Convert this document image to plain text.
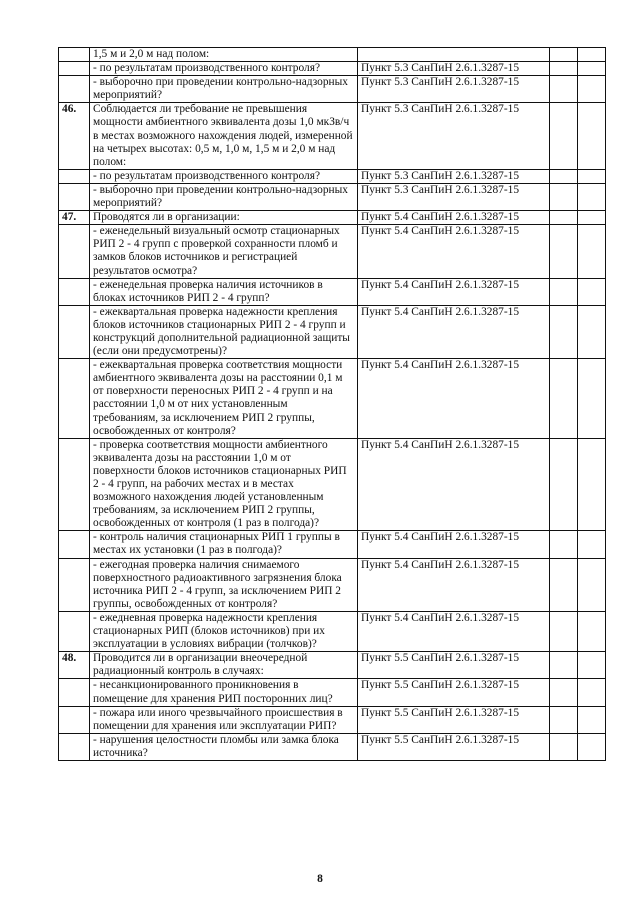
	1,5 м и 2,0 м над полом:			
	- по результатам производственного контроля?	Пункт 5.3 СанПиН 2.6.1.3287-15		
	- выборочно при проведении контрольно-надзорных мероприятий?	Пункт 5.3 СанПиН 2.6.1.3287-15		
46.	Соблюдается ли требование не превышения мощности амбиентного эквивалента дозы 1,0 мкЗв/ч в местах возможного нахождения людей, измеренной на четырех высотах: 0,5 м, 1,0 м, 1,5 м и 2,0 м над полом:	Пункт 5.3 СанПиН 2.6.1.3287-15		
	- по результатам производственного контроля?	Пункт 5.3 СанПиН 2.6.1.3287-15		
	- выборочно при проведении контрольно-надзорных мероприятий?	Пункт 5.3 СанПиН 2.6.1.3287-15		
47.	Проводятся ли в организации:	Пункт 5.4 СанПиН 2.6.1.3287-15		
	- еженедельный визуальный осмотр стационарных РИП 2 - 4 групп с проверкой сохранности пломб и замков блоков источников и регистрацией результатов осмотра?	Пункт 5.4 СанПиН 2.6.1.3287-15		
	- еженедельная проверка наличия источников в блоках источников РИП 2 - 4 групп?	Пункт 5.4 СанПиН 2.6.1.3287-15		
	- ежеквартальная проверка надежности крепления блоков источников стационарных РИП 2 - 4 групп и конструкций дополнительной радиационной защиты (если они предусмотрены)?	Пункт 5.4 СанПиН 2.6.1.3287-15		
	- ежеквартальная проверка соответствия мощности амбиентного эквивалента дозы на расстоянии 0,1 м от поверхности переносных РИП 2 - 4 групп и на расстоянии 1,0 м от них установленным требованиям, за исключением РИП 2 группы, освобожденных от контроля?	Пункт 5.4 СанПиН 2.6.1.3287-15		
	- проверка соответствия мощности амбиентного эквивалента дозы на расстоянии 1,0 м от поверхности блоков источников стационарных РИП 2 - 4 групп, на рабочих местах и в местах возможного нахождения людей установленным требованиям, за исключением РИП 2 группы, освобожденных от контроля (1 раз в полгода)?	Пункт 5.4 СанПиН 2.6.1.3287-15		
	- контроль наличия стационарных РИП 1 группы в местах их установки (1 раз в полгода)?	Пункт 5.4 СанПиН 2.6.1.3287-15		
	- ежегодная проверка наличия снимаемого поверхностного радиоактивного загрязнения блока источника РИП 2 - 4 групп, за исключением РИП 2 группы, освобожденных от контроля?	Пункт 5.4 СанПиН 2.6.1.3287-15		
	- ежедневная проверка надежности крепления стационарных РИП (блоков источников) при их эксплуатации в условиях вибрации (толчков)?	Пункт 5.4 СанПиН 2.6.1.3287-15		
48.	Проводится ли в организации внеочередной радиационный контроль в случаях:	Пункт 5.5 СанПиН 2.6.1.3287-15		
	- несанкционированного проникновения в помещение для хранения РИП посторонних лиц?	Пункт 5.5 СанПиН 2.6.1.3287-15		
	- пожара или иного чрезвычайного происшествия в помещении для хранения или эксплуатации РИП?	Пункт 5.5 СанПиН 2.6.1.3287-15		
	- нарушения целостности пломбы или замка блока источника?	Пункт 5.5 СанПиН 2.6.1.3287-15		
8
